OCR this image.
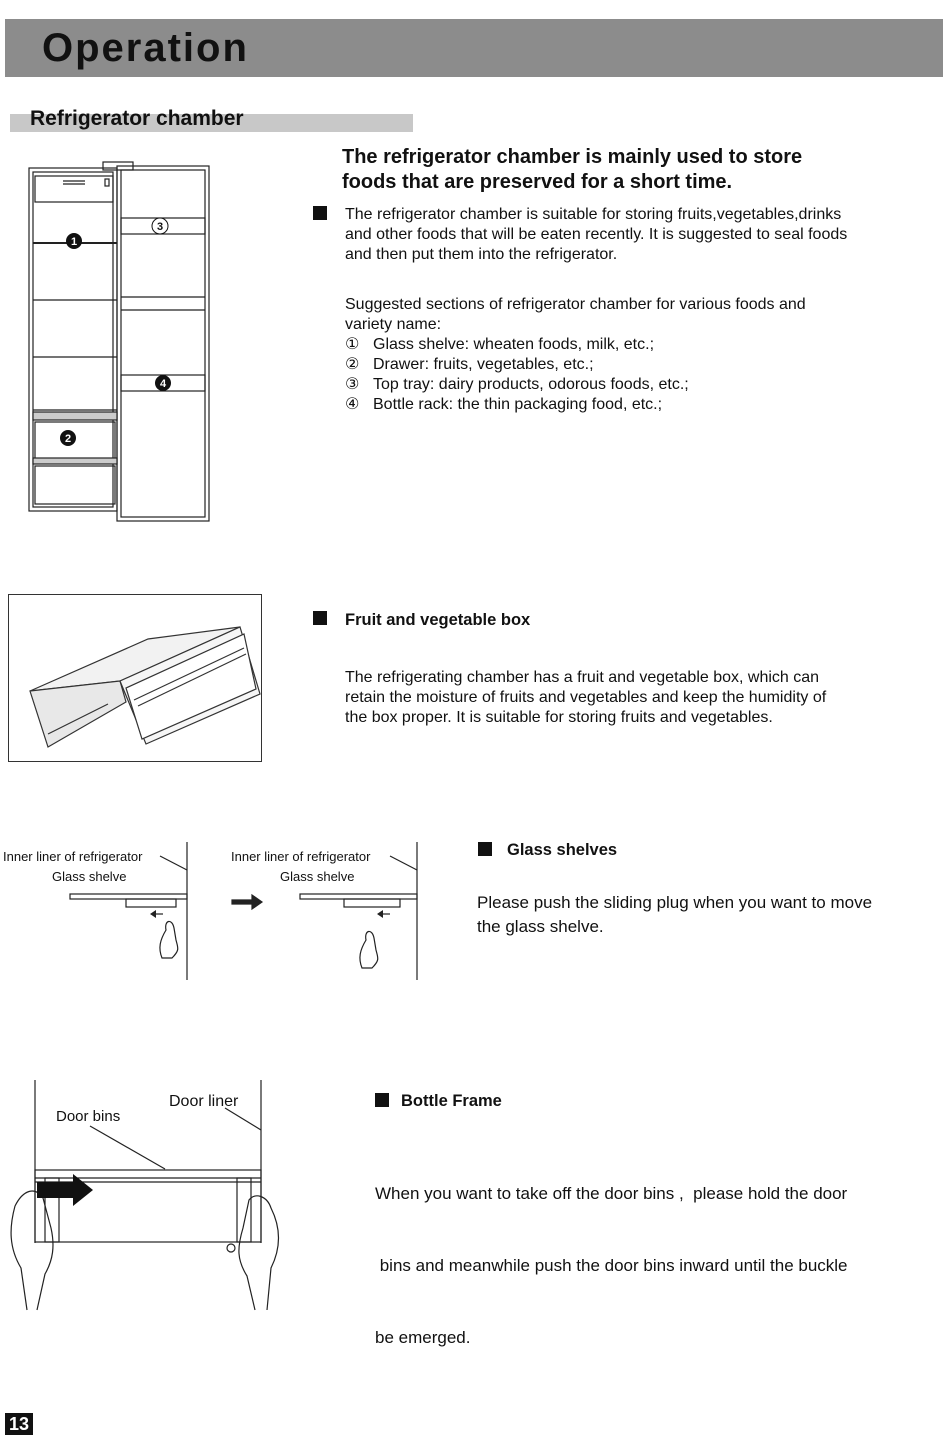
Operation
Refrigerator chamber
The refrigerator chamber is mainly used to store
foods that are preserved for a short time.
1
2
3
4

The refrigerator chamber is suitable for storing fruits,vegetables,drinks

and other foods that will be eaten recently. It is suggested to seal foods

and then put them into the refrigerator.

Suggested sections of refrigerator chamber for various foods and

variety name:

① Glass shelve: wheaten foods, milk, etc.;
② Drawer: fruits, vegetables, etc.;
③ Top tray: dairy products, odorous foods, etc.;
④ Bottle rack: the thin packaging food, etc.;
Fruit and vegetable box

The refrigerating chamber has a fruit and vegetable box, which can

retain the moisture of fruits and vegetables and keep the humidity of

the box proper. It is suitable for storing fruits and vegetables.

Inner liner of refrigerator
Glass shelve
Inner liner of refrigerator
Glass shelve
Glass shelves

Please push the sliding plug when you want to move

the glass shelve.

Door liner
Door bins
Bottle Frame

When you want to take off the door bins ,  please hold the door

bins and meanwhile push the door bins inward until the buckle

be emerged.

13
